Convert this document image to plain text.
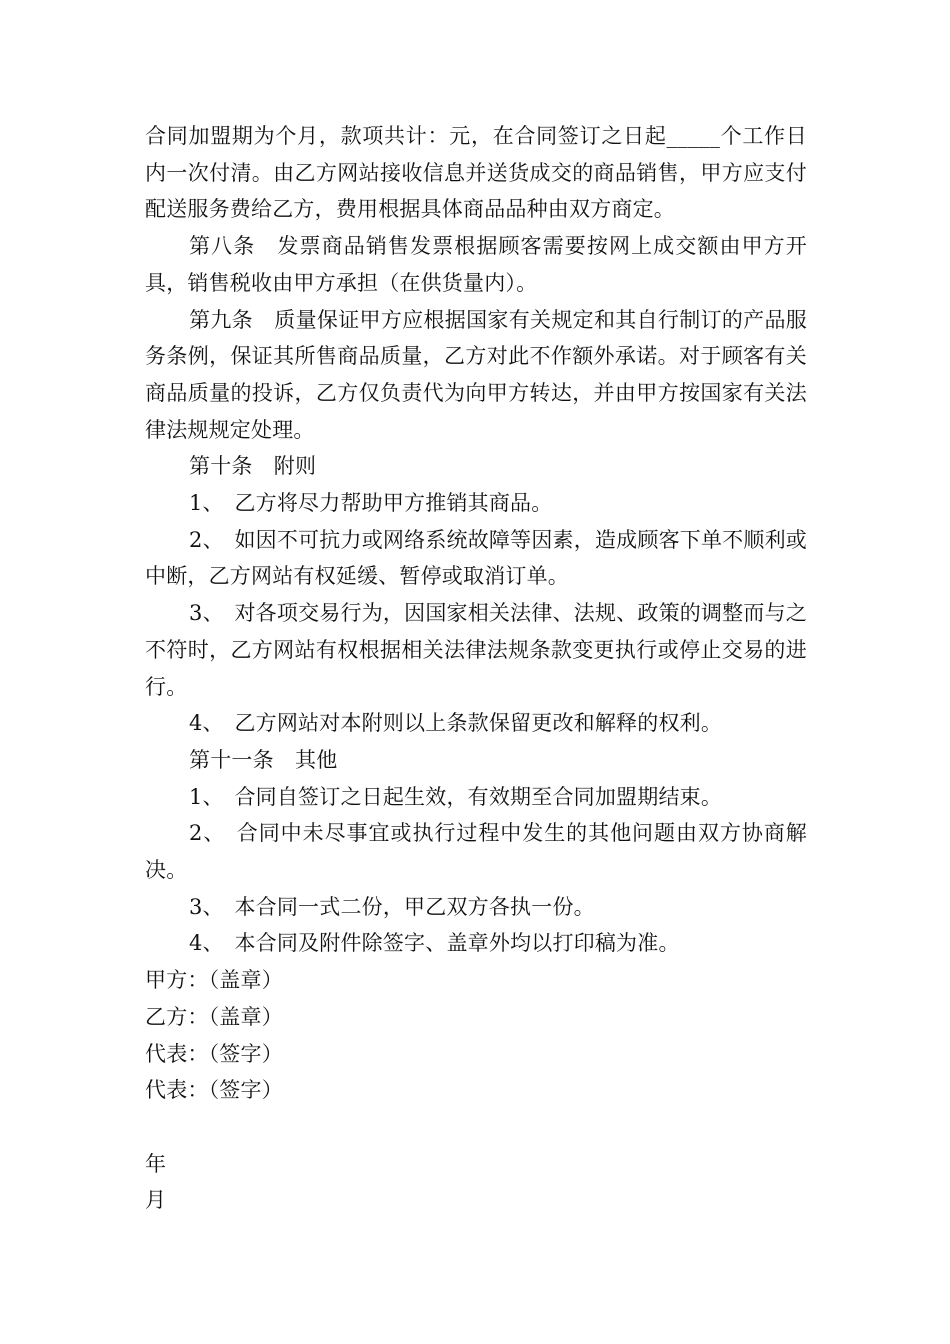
合同加盟期为个月，款项共计：元，在合同签订之日起_____个工作日内一次付清。由乙方网站接收信息并送货成交的商品销售，甲方应支付配送服务费给乙方，费用根据具体商品品种由双方商定。

第八条　发票商品销售发票根据顾客需要按网上成交额由甲方开具，销售税收由甲方承担（在供货量内）。

第九条　质量保证甲方应根据国家有关规定和其自行制订的产品服务条例，保证其所售商品质量，乙方对此不作额外承诺。对于顾客有关商品质量的投诉，乙方仅负责代为向甲方转达，并由甲方按国家有关法律法规规定处理。

第十条　附则

1、　乙方将尽力帮助甲方推销其商品。

2、　如因不可抗力或网络系统故障等因素，造成顾客下单不顺利或中断，乙方网站有权延缓、暂停或取消订单。

3、　对各项交易行为，因国家相关法律、法规、政策的调整而与之不符时，乙方网站有权根据相关法律法规条款变更执行或停止交易的进行。

4、　乙方网站对本附则以上条款保留更改和解释的权利。

第十一条　其他

1、　合同自签订之日起生效，有效期至合同加盟期结束。

2、　合同中未尽事宜或执行过程中发生的其他问题由双方协商解决。

3、　本合同一式二份，甲乙双方各执一份。

4、　本合同及附件除签字、盖章外均以打印稿为准。

甲方：（盖章）

乙方：（盖章）

代表：（签字）

代表：（签字）

年

月
